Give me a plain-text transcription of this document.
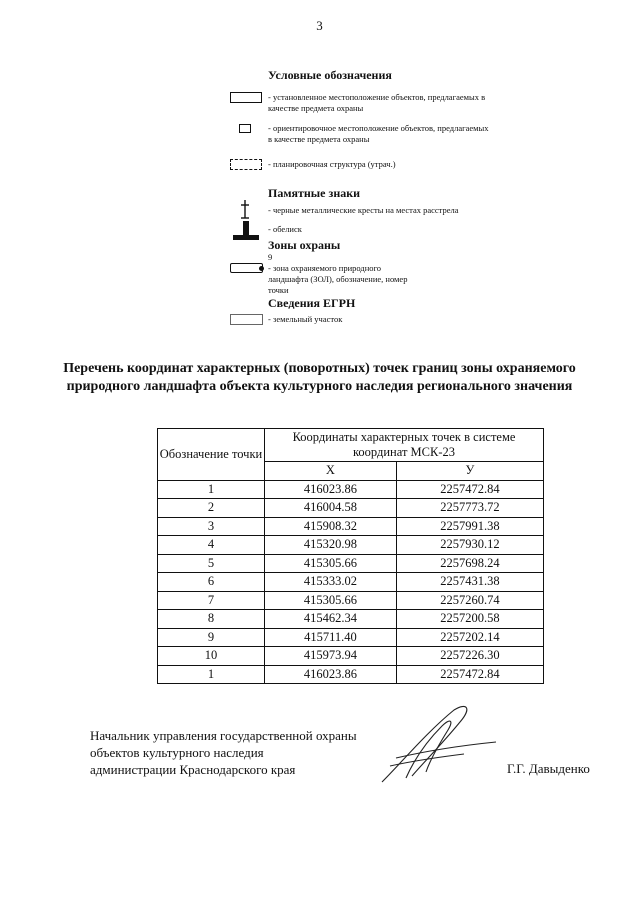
3
Условные обозначения
- установленное местоположение объектов, предлагаемых в качестве предмета охраны
- ориентировочное местоположение объектов, предлагаемых в качестве предмета охраны
- планировочная структура (утрач.)
Памятные знаки
- черные металлические кресты на местах расстрела
- обелиск
Зоны охраны
9
- зона охраняемого природного ландшафта (ЗОЛ), обозначение, номер точки
Сведения ЕГРН
- земельный участок
Перечень координат характерных (поворотных) точек границ зоны охраняемого природного ландшафта объекта культурного наследия регионального значения
Обозначение точки	Координаты характерных точек в системе координат МСК-23	
	X	У
1	416023.86	2257472.84
2	416004.58	2257773.72
3	415908.32	2257991.38
4	415320.98	2257930.12
5	415305.66	2257698.24
6	415333.02	2257431.38
7	415305.66	2257260.74
8	415462.34	2257200.58
9	415711.40	2257202.14
10	415973.94	2257226.30
1	416023.86	2257472.84
Начальник управления государственной охраны
объектов культурного наследия
администрации Краснодарского края	Г.Г. Давыденко
